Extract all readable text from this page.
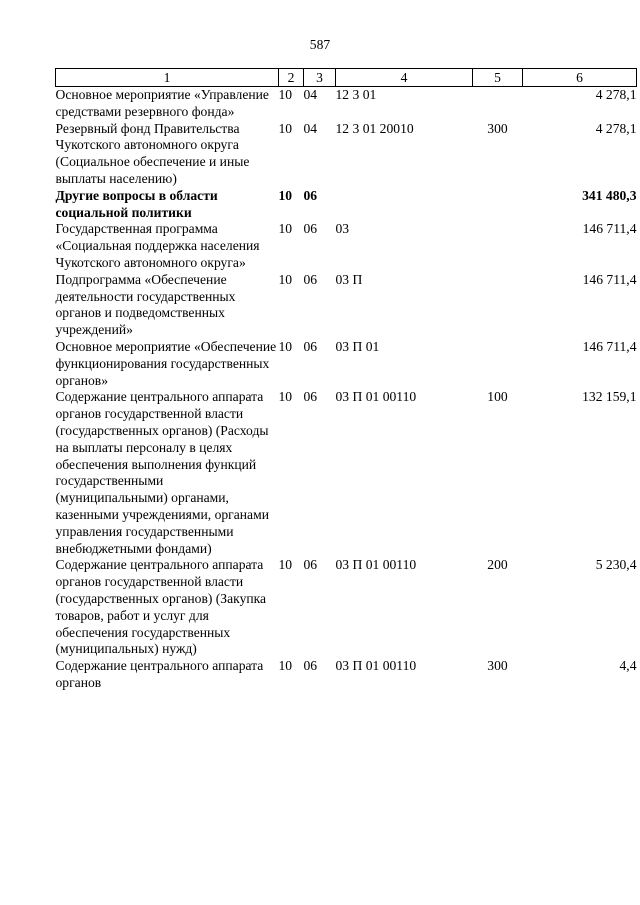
587
1	2	3	4	5	6
Основное мероприятие «Управление средствами резервного фонда»	10	04	12 3 01		4 278,1
Резервный фонд Правительства Чукотского автономного округа (Социальное обеспечение и иные выплаты населению)	10	04	12 3 01 20010	300	4 278,1
Другие вопросы в области социальной политики	10	06			341 480,3
Государственная программа «Социальная поддержка населения Чукотского автономного округа»	10	06	03		146 711,4
Подпрограмма «Обеспечение деятельности государственных органов и подведомственных учреждений»	10	06	03 П		146 711,4
Основное мероприятие «Обеспечение функционирования государственных органов»	10	06	03 П 01		146 711,4
Содержание центрального аппарата органов государственной власти (государственных органов) (Расходы на выплаты персоналу в целях обеспечения выполнения функций государственными (муниципальными) органами, казенными учреждениями, органами управления государственными внебюджетными фондами)	10	06	03 П 01 00110	100	132 159,1
Содержание центрального аппарата органов государственной власти (государственных органов) (Закупка товаров, работ и услуг для обеспечения государственных (муниципальных) нужд)	10	06	03 П 01 00110	200	5 230,4
Содержание центрального аппарата органов	10	06	03 П 01 00110	300	4,4
